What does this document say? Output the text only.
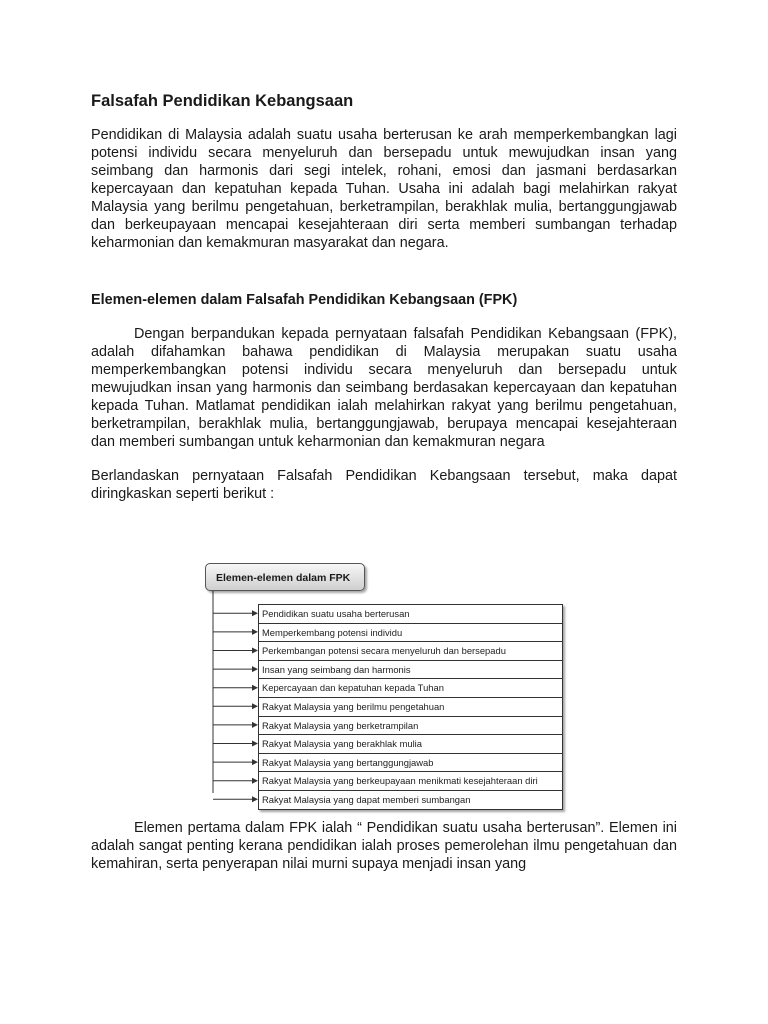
Falsafah Pendidikan Kebangsaan

Pendidikan di Malaysia adalah suatu usaha berterusan ke arah memperkembangkan lagi potensi individu secara menyeluruh dan bersepadu untuk mewujudkan insan yang seimbang dan harmonis dari segi intelek, rohani, emosi dan jasmani berdasarkan kepercayaan dan kepatuhan kepada Tuhan. Usaha ini adalah bagi melahirkan rakyat Malaysia yang berilmu pengetahuan, berketrampilan, berakhlak mulia, bertanggungjawab dan berkeupayaan mencapai kesejahteraan diri serta memberi sumbangan terhadap keharmonian dan kemakmuran masyarakat dan negara.

Elemen-elemen dalam Falsafah Pendidikan Kebangsaan (FPK)

Dengan berpandukan kepada pernyataan falsafah Pendidikan Kebangsaan (FPK), adalah difahamkan bahawa pendidikan di Malaysia merupakan suatu usaha memperkembangkan potensi individu secara menyeluruh dan bersepadu untuk mewujudkan insan yang harmonis dan seimbang berdasakan kepercayaan dan kepatuhan kepada Tuhan. Matlamat pendidikan ialah melahirkan rakyat yang berilmu pengetahuan, berketrampilan, berakhlak mulia, bertanggungjawab, berupaya mencapai kesejahteraan dan memberi sumbangan untuk keharmonian dan kemakmuran negara

Berlandaskan pernyataan Falsafah Pendidikan Kebangsaan tersebut, maka dapat diringkaskan seperti berikut :

Elemen-elemen dalam FPK
Pendidikan suatu usaha berterusan
Memperkembang potensi individu
Perkembangan potensi secara menyeluruh dan bersepadu
Insan yang seimbang dan harmonis
Kepercayaan dan kepatuhan kepada Tuhan
Rakyat Malaysia yang berilmu pengetahuan
Rakyat Malaysia yang berketrampilan
Rakyat Malaysia yang berakhlak mulia
Rakyat Malaysia yang bertanggungjawab
Rakyat Malaysia yang berkeupayaan menikmati kesejahteraan diri
Rakyat Malaysia yang dapat memberi sumbangan

Elemen pertama dalam FPK ialah “ Pendidikan suatu usaha berterusan”. Elemen ini adalah sangat penting kerana pendidikan ialah proses pemerolehan ilmu pengetahuan dan kemahiran, serta penyerapan nilai murni supaya menjadi insan yang
